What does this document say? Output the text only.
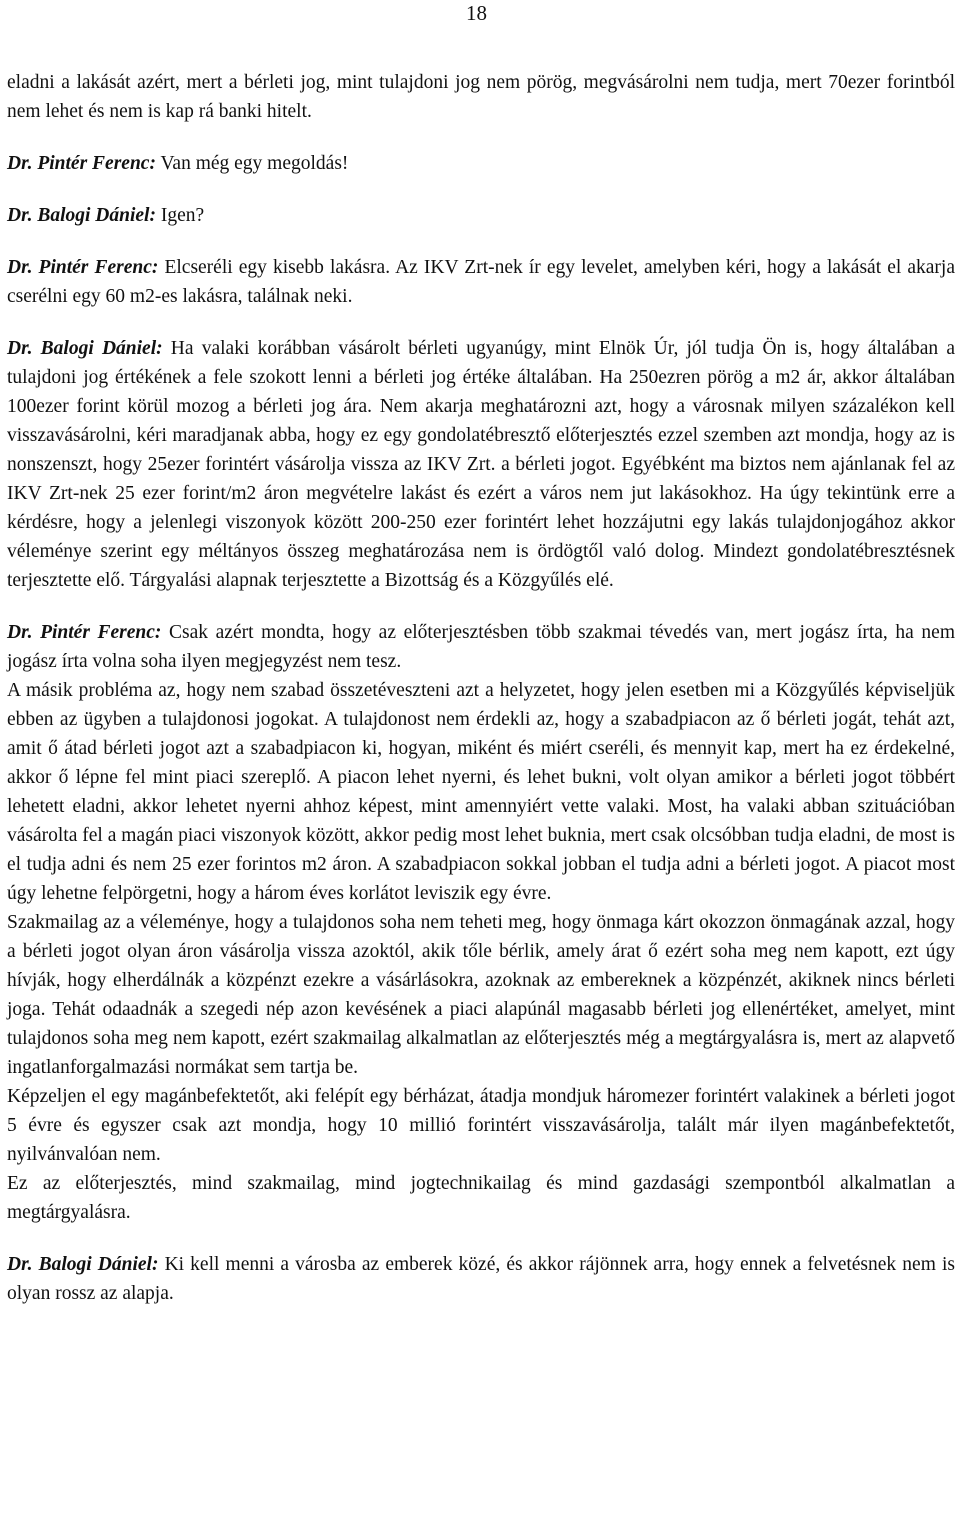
18

eladni a lakását azért, mert a bérleti jog, mint tulajdoni jog nem pörög, megvásárolni nem tudja, mert 70ezer forintból nem lehet és nem is kap rá banki hitelt.

Dr. Pintér Ferenc: Van még egy megoldás!

Dr. Balogi Dániel: Igen?

Dr. Pintér Ferenc: Elcseréli egy kisebb lakásra. Az IKV Zrt-nek ír egy levelet, amelyben kéri, hogy a lakását el akarja cserélni egy 60 m2-es lakásra, találnak neki.

Dr. Balogi Dániel: Ha valaki korábban vásárolt bérleti ugyanúgy, mint Elnök Úr, jól tudja Ön is, hogy általában a tulajdoni jog értékének a fele szokott lenni a bérleti jog értéke általában. Ha 250ezren pörög a m2 ár, akkor általában 100ezer forint körül mozog a bérleti jog ára. Nem akarja meghatározni azt, hogy a városnak milyen százalékon kell visszavásárolni, kéri maradjanak abba, hogy ez egy gondolatébresztő előterjesztés ezzel szemben azt mondja, hogy az is nonszenszt, hogy 25ezer forintért vásárolja vissza az IKV Zrt. a bérleti jogot. Egyébként ma biztos nem ajánlanak fel az IKV Zrt-nek 25 ezer forint/m2 áron megvételre lakást és ezért a város nem jut lakásokhoz. Ha úgy tekintünk erre a kérdésre, hogy a jelenlegi viszonyok között 200-250 ezer forintért lehet hozzájutni egy lakás tulajdonjogához akkor véleménye szerint egy méltányos összeg meghatározása nem is ördögtől való dolog. Mindezt gondolatébresztésnek terjesztette elő. Tárgyalási alapnak terjesztette a Bizottság és a Közgyűlés elé.

Dr. Pintér Ferenc: Csak azért mondta, hogy az előterjesztésben több szakmai tévedés van, mert jogász írta, ha nem jogász írta volna soha ilyen megjegyzést nem tesz.

A másik probléma az, hogy nem szabad összetéveszteni azt a helyzetet, hogy jelen esetben mi a Közgyűlés képviseljük ebben az ügyben a tulajdonosi jogokat. A tulajdonost nem érdekli az, hogy a szabadpiacon az ő bérleti jogát, tehát azt, amit ő átad bérleti jogot azt a szabadpiacon ki, hogyan, miként és miért cseréli, és mennyit kap, mert ha ez érdekelné, akkor ő lépne fel mint piaci szereplő. A piacon lehet nyerni, és lehet bukni, volt olyan amikor a bérleti jogot többért lehetett eladni, akkor lehetet nyerni ahhoz képest, mint amennyiért vette valaki. Most, ha valaki abban szituációban vásárolta fel a magán piaci viszonyok között, akkor pedig most lehet buknia, mert csak olcsóbban tudja eladni, de most is el tudja adni és nem 25 ezer forintos m2 áron. A szabadpiacon sokkal jobban el tudja adni a bérleti jogot. A piacot most úgy lehetne felpörgetni, hogy a három éves korlátot leviszik egy évre.

Szakmailag az a véleménye, hogy a tulajdonos soha nem teheti meg, hogy önmaga kárt okozzon önmagának azzal, hogy a bérleti jogot olyan áron vásárolja vissza azoktól, akik tőle bérlik, amely árat ő ezért soha meg nem kapott, ezt úgy hívják, hogy elherdálnák a közpénzt ezekre a vásárlásokra, azoknak az embereknek a közpénzét, akiknek nincs bérleti joga. Tehát odaadnák a szegedi nép azon kevésének a piaci alapúnál magasabb bérleti jog ellenértéket, amelyet, mint tulajdonos soha meg nem kapott, ezért szakmailag alkalmatlan az előterjesztés még a megtárgyalásra is, mert az alapvető ingatlanforgalmazási normákat sem tartja be.

Képzeljen el egy magánbefektetőt, aki felépít egy bérházat, átadja mondjuk háromezer forintért valakinek a bérleti jogot 5 évre és egyszer csak azt mondja, hogy 10 millió forintért visszavásárolja, talált már ilyen magánbefektetőt, nyilvánvalóan nem.

Ez az előterjesztés, mind szakmailag, mind jogtechnikailag és mind gazdasági szempontból alkalmatlan a megtárgyalásra.

Dr. Balogi Dániel: Ki kell menni a városba az emberek közé, és akkor rájönnek arra, hogy ennek a felvetésnek nem is olyan rossz az alapja.
